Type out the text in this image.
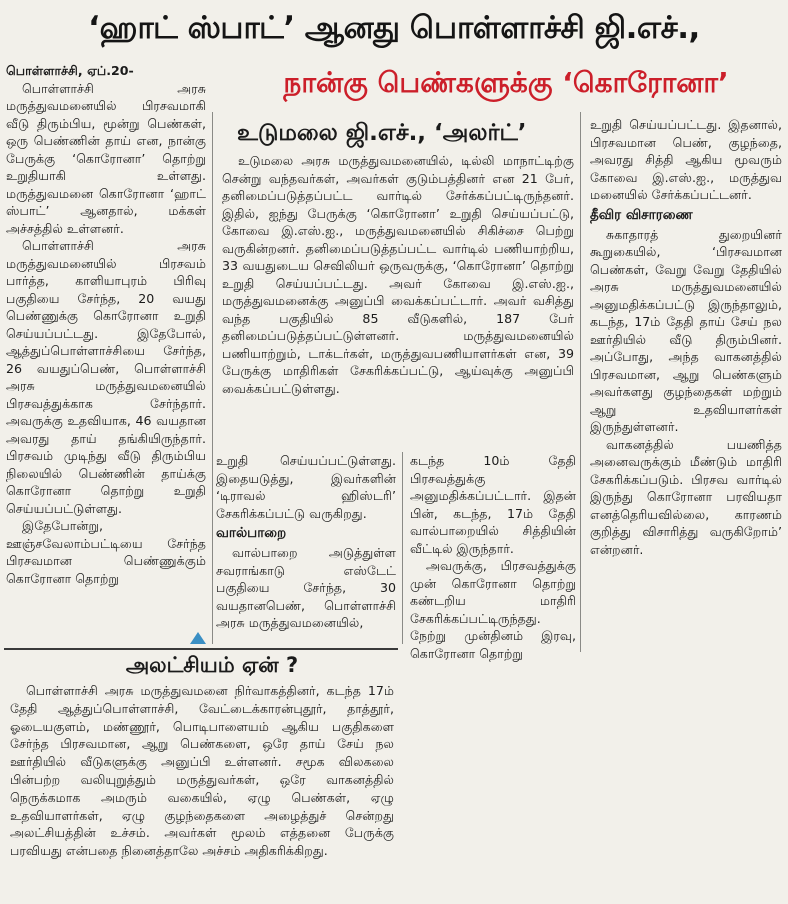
‘ஹாட் ஸ்பாட்’ ஆனது பொள்ளாச்சி ஜி.எச்.,
நான்கு பெண்களுக்கு ‘கொரோனா’

பொள்ளாச்சி, ஏப்.20-

பொள்ளாச்சி அரசு மருத்துவமனையில் பிரசவமாகி வீடு திரும்பிய, மூன்று பெண்கள், ஒரு பெண்ணின் தாய் என, நான்கு பேருக்கு ‘கொரோனா’ தொற்று உறுதியாகி உள்ளது. மருத்துவமனை கொரோனா ‘ஹாட் ஸ்பாட்’ ஆனதால், மக்கள் அச்சத்தில் உள்ளனர்.

பொள்ளாச்சி அரசு மருத்துவமனையில் பிரசவம் பார்த்த, காளியாபுரம் பிரிவு பகுதியை சேர்ந்த, 20 வயது பெண்ணுக்கு கொரோனா உறுதி செய்யப்பட்டது. இதேபோல், ஆத்துப்பொள்ளாச்சியை சேர்ந்த, 26 வயதுப்பெண், பொள்ளாச்சி அரசு மருத்துவமனையில் பிரசவத்துக்காக சேர்ந்தார். அவருக்கு உதவியாக, 46 வயதான அவரது தாய் தங்கியிருந்தார். பிரசவம் முடிந்து வீடு திரும்பிய நிலையில் பெண்ணின் தாய்க்கு கொரோனா தொற்று உறுதி செய்யப்பட்டுள்ளது.

இதேபோன்று, ஊஞ்சவேலாம்பட்டியை சேர்ந்த பிரசவமான பெண்ணுக்கும் கொரோனா தொற்று

உடுமலை ஜி.எச்., ‘அலர்ட்’

உடுமலை அரசு மருத்துவமனையில், டில்லி மாநாட்டிற்கு சென்று வந்தவர்கள், அவர்கள் குடும்பத்தினர் என 21 பேர், தனிமைப்படுத்தப்பட்ட வார்டில் சேர்க்கப்பட்டிருந்தனர். இதில், ஐந்து பேருக்கு ‘கொரோனா’ உறுதி செய்யப்பட்டு, கோவை இ.எஸ்.ஐ., மருத்துவமனையில் சிகிச்சை பெற்று வருகின்றனர். தனிமைப்படுத்தப்பட்ட வார்டில் பணியாற்றிய, 33 வயதுடைய செவிலியர் ஒருவருக்கு, ‘கொரோனா’ தொற்று உறுதி செய்யப்பட்டது. அவர் கோவை இ.எஸ்.ஐ., மருத்துவமனைக்கு அனுப்பி வைக்கப்பட்டார். அவர் வசித்து வந்த பகுதியில் 85 வீடுகளில், 187 பேர் தனிமைப்படுத்தப்பட்டுள்ளனர். மருத்துவமனையில் பணியாற்றும், டாக்டர்கள், மருத்துவபணியாளர்கள் என, 39 பேருக்கு மாதிரிகள் சேகரிக்கப்பட்டு, ஆய்வுக்கு அனுப்பி வைக்கப்பட்டுள்ளது.

உறுதி செய்யப்பட்டுள்ளது. இதையடுத்து, இவர்களின் ‘டிராவல் ஹிஸ்டரி’ சேகரிக்கப்பட்டு வருகிறது.

வால்பாறை

வால்பாறை அடுத்துள்ள சவராங்காடு எஸ்டேட் பகுதியை சேர்ந்த, 30 வயதானபெண், பொள்ளாச்சி அரசு மருத்துவமனையில்,

கடந்த 10ம் தேதி பிரசவத்துக்கு அனுமதிக்கப்பட்டார். இதன் பின், கடந்த, 17ம் தேதி வால்பாறையில் சித்தியின் வீட்டில் இருந்தார்.

அவருக்கு, பிரசவத்துக்கு முன் கொரோனா தொற்று கண்டறிய மாதிரி சேகரிக்கப்பட்டிருந்தது. நேற்று முன்தினம் இரவு, கொரோனா தொற்று

உறுதி செய்யப்பட்டது. இதனால், பிரசவமான பெண், குழந்தை, அவரது சித்தி ஆகிய மூவரும் கோவை இ.எஸ்.ஐ., மருத்துவ மனையில் சேர்க்கப்பட்டனர்.

தீவிர விசாரணை

சுகாதாரத் துறையினர் கூறுகையில், ‘பிரசவமான பெண்கள், வேறு வேறு தேதியில் அரசு மருத்துவமனையில் அனுமதிக்கப்பட்டு இருந்தாலும், கடந்த, 17ம் தேதி தாய் சேய் நல ஊர்தியில் வீடு திரும்பினர். அப்போது, அந்த வாகனத்தில் பிரசவமான, ஆறு பெண்களும் அவர்களது குழந்தைகள் மற்றும் ஆறு உதவியாளர்கள் இருந்துள்ளனர்.

வாகனத்தில் பயணித்த அனைவருக்கும் மீண்டும் மாதிரி சேகரிக்கப்படும். பிரசவ வார்டில் இருந்து கொரோனா பரவியதா எனத்தெரியவில்லை, காரணம் குறித்து விசாரித்து வருகிறோம்’ என்றனர்.

அலட்சியம் ஏன் ?

பொள்ளாச்சி அரசு மருத்துவமனை நிர்வாகத்தினர், கடந்த 17ம் தேதி ஆத்துப்பொள்ளாச்சி, வேட்டைக்காரன்புதூர், தாத்தூர், ஓடையகுளம், மண்ணூர், பொடிபாளையம் ஆகிய பகுதிகளை சேர்ந்த பிரசவமான, ஆறு பெண்களை, ஒரே தாய் சேய் நல ஊர்தியில் வீடுகளுக்கு அனுப்பி உள்ளனர். சமூக விலகலை பின்பற்ற வலியுறுத்தும் மருத்துவர்கள், ஒரே வாகனத்தில் நெருக்கமாக அமரும் வகையில், ஏழு பெண்கள், ஏழு உதவியாளர்கள், ஏழு குழந்தைகளை அழைத்துச் சென்றது அலட்சியத்தின் உச்சம். அவர்கள் மூலம் எத்தனை பேருக்கு பரவியது என்பதை நினைத்தாலே அச்சம் அதிகரிக்கிறது.
